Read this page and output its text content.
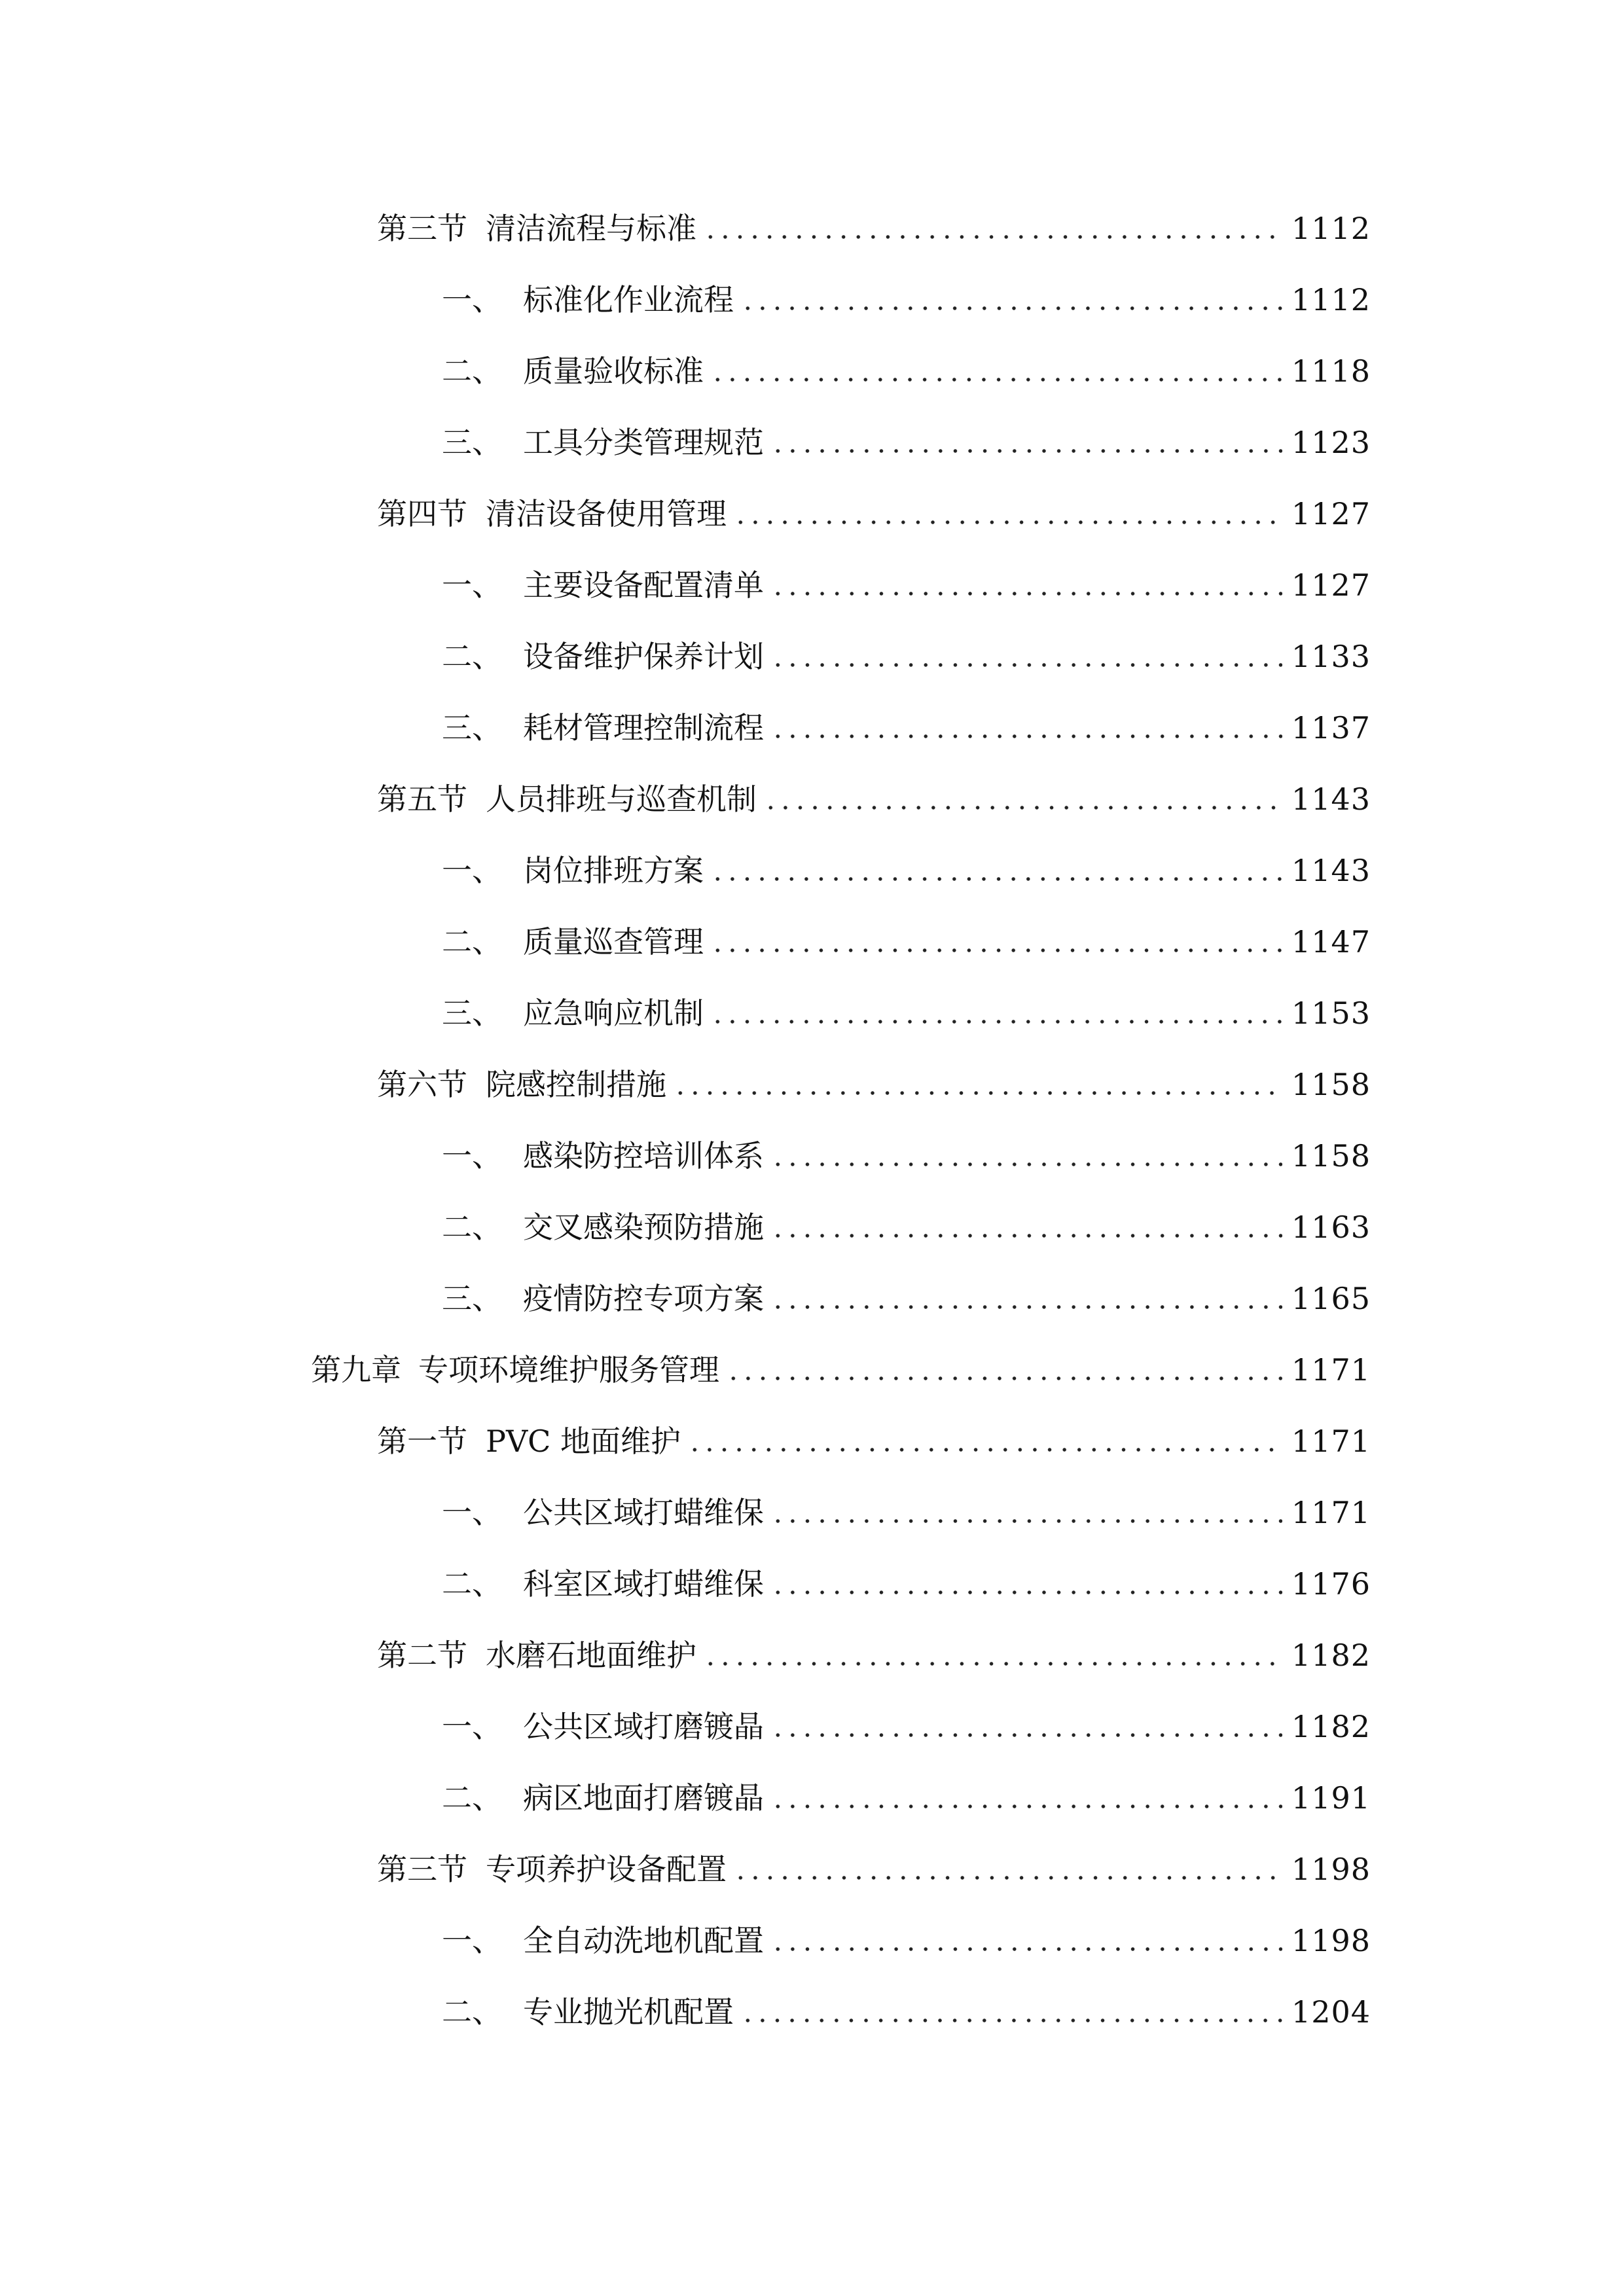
第三节 清洁流程与标准	1112
一、 标准化作业流程	1112
二、 质量验收标准	1118
三、 工具分类管理规范	1123
第四节 清洁设备使用管理	1127
一、 主要设备配置清单	1127
二、 设备维护保养计划	1133
三、 耗材管理控制流程	1137
第五节 人员排班与巡查机制	1143
一、 岗位排班方案	1143
二、 质量巡查管理	1147
三、 应急响应机制	1153
第六节 院感控制措施	1158
一、 感染防控培训体系	1158
二、 交叉感染预防措施	1163
三、 疫情防控专项方案	1165
第九章 专项环境维护服务管理	1171
第一节 PVC 地面维护	1171
一、 公共区域打蜡维保	1171
二、 科室区域打蜡维保	1176
第二节 水磨石地面维护	1182
一、 公共区域打磨镀晶	1182
二、 病区地面打磨镀晶	1191
第三节 专项养护设备配置	1198
一、 全自动洗地机配置	1198
二、 专业抛光机配置	1204
